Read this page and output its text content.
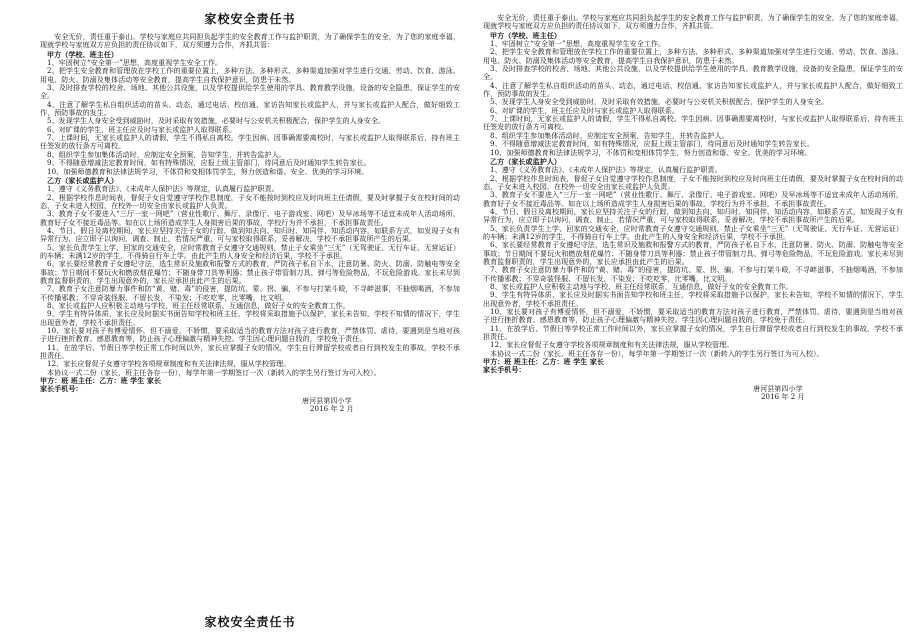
家校安全责任书

安全无价，责任重于泰山。学校与家庭应共同担负起学生的安全教育工作与监护职责，为了确保学生的安全，为了您的家庭幸福，现就学校与家庭双方应负担的责任协议如下，双方须遵力合作，齐抓共管：

甲方（学校、班主任）

1、牢固树立“安全第一”思想，高度重视学生安全工作。

2、把学生安全教育和管理放在学校工作的重要位置上，多种方法、多种形式、多种渠道加强对学生进行交通、劳动、饮食、游泳、用电、防火、防溺及集体活动等安全教育，提高学生自我保护意识，防患于未然。

3、及时排查学校的校舍、场地、其他公共设施，以及学校提供给学生使用的学具、教育教学设施，设备的安全隐患，保证学生的安全。

4、注意了解学生私自组织活动的苗头、动态，通过电话、校信通、家访告知家长或监护人，并与家长或监护人配合，做好细致工作，预防事故的发生。

5、发现学生人身安全受到威胁时，及时采取有效措施，必要时与公安机关积极配合，保护学生的人身安全。

6、对旷课的学生，班主任应及时与家长或监护人取得联系。

7、上课时间，无家长或监护人的请假，学生不得私自离校。学生因病、因事确需要离校时，与家长或监护人取得联系后，持有班主任签发的放行条方可离校。

8、组织学生参加集体活动时，应制定安全预案，告知学生，并转告监护人。

9、不得随意增减法定教育时间，如有特殊情况，应报上级主管部门，待同意后及时通知学生转告家长。

10、加强师德教育和法律法规学习，不体罚和变相体罚学生，努力创造和谐、安全、优美的学习环境。

乙方（家长或监护人）

1、遵守《义务教育法》、《未成年人保护法》等规定，认真履行监护职责。

2、根据学校作息时间表，督促子女自觉遵守学校作息制度，子女不能按时到校应及时向班主任请假，要及时掌握子女在校时间的动态，子女未进入校园，在校外一切安全由家长或监护人负责。

3、教育子女不要进入“三厅一室一网吧”（营业性歌厅、舞厅、录像厅、电子游戏室、网吧）及早冰场等不适宜未成年人活动场所，教育好子女不接近毒品等。如在以上场所造成学生人身损害后果的事故，学校行为并不承担，不承担事故责任。

4、节日、假日及离校期间，家长应坚持关注子女的行踪，做到知去向、知归时、知同伴、知活动内容，如联系方式，如发现子女有异常行为，应立即子以询问，调查、制止，若情况严重，可与家校取得联系，妥善解决，学校不承担事故所产生的后果。

5、家长负责学生上学、回家的交通安全，应时常教育子女遵守交通规则，禁止子女乘坐“三无”（无驾驶证、无行车证、无营运证）的车辆；未满12岁的学生，不得骑自行车上学。由此产生的人身安全和经济后果，学校不予承担。

6、家长要经常教育子女遵纪守法，选生常识及施救和报警方式的教育，严防孩子私自下水，注意防暑、防火、防溺、防触电等安全事故；节日期间不要玩火和燃放烟花爆竹；不随身带刀具等利器；禁止孩子带管制刀具、弹弓等危险物品，不玩危险游戏。家长未尽到教育监督职责的，学生出现意外的，家长应承担由此产生的后果。

7、教育子女注意防暴力事件和防“黄、赌、毒”的侵害，提防坑、蒙、拐、骗，不参与打架斗殴，不寻衅滋事，不抽烟喝酒，不参加不传播邪教；不穿奇装怪服、不留长发，不染发；不吃吃零，比零嘴，比文明。

8、家长或监护人应积极主动地与学校、班主任经常联系，互通信息，做好子女的安全教育工作。

9、学生有特异体质，家长应及时据实书面告知学校和班主任，学校将采取措施予以保护，家长未告知，学校不知情的情况下，学生出现意外者，学校不承担责任。

10、家长要对孩子有博爱情怀，但不溺爱，不娇惯，要采取适当的教育方法对孩子进行教育，严禁体罚、虐待，要遇到是当地对孩子进行挫折教育、感恩教育等，防止孩子心理偏激与精神失控。学生因心理问题自戕的，学校免于责任。

11、在放学后、节假日等学校正常工作时间以外，家长应掌握子女的情况，学生自行滞留学校或者自行到校发生的事故，学校不承担责任。

12、家长应督促子女遵守学校各项规章制度和有关法律法规，服从学校管理。

本协议一式二份（家长、班主任各存一份），每学年第一学期签订一次（新转入的学生另行签订为可入校）。

甲方：班 班主任：乙方：班 学生 家长

家长手机号：

唐河县第四小学

2016 年 2 月

家校安全责任书

安全无价，责任重于泰山。学校与家庭应共同担负起学生的安全教育工作与监护职责，为了确保学生的安全，为了您的家庭幸福，现就学校与家庭双方应负担的责任协议如下，双方须遵力合作，齐抓共管。

甲方（学校、班主任）

1、牢固树立“安全第一”思想，高度重视学生安全工作。

2、把学生安全教育和管理放在学校工作的重要位置上，多种方法、多种形式、多种渠道加强对学生进行交通、劳动、饮食、游泳、用电、防火、防溺及集体活动等安全教育，提高学生自我保护意识，防患于未然。

3、及时排查学校的校舍、场地、其他公共设施，以及学校提供给学生使用的学具、教育教学设施，设备的安全隐患，保证学生的安全。

4、注意了解学生私自组织活动的苗头、动态，通过电话、校信通、家访告知家长或监护人，并与家长或监护人配合，做好细致工作，预防事故的发生。

5、发现学生人身安全受到威胁时，及时采取有效措施，必要时与公安机关积极配合，保护学生的人身安全。

6、对旷课的学生，班主任应及时与家长或监护人取得联系。

7、上课时间，无家长或监护人的请假，学生不得私自离校。学生因病、因事确需要离校时，与家长或监护人取得联系后，持有班主任签发的放行条方可离校。

8、组织学生参加集体活动时，应制定安全预案，告知学生，并转告监护人。

9、不得随意增减法定教育时间，如有特殊情况，应报上级主管部门，待同意后及时通知学生转告家长。

10、加强师德教育和法律法规学习，不体罚和变相体罚学生，努力创造和谐、安全、优美的学习环境。

乙方（家长或监护人）

1、遵守《义务教育法》、《未成年人保护法》等规定，认真履行监护职责。

2、根据学校作息时间表，督促子女自觉遵守学校作息制度，子女不能按时到校应及时向班主任请假，要及时掌握子女在校时间的动态，子女未进入校园，在校外一切安全由家长或监护人负责。

3、教育子女不要进入“三厅一室一网吧”（营业性歌厅、舞厅、录像厅、电子游戏室、网吧）及早冰场等不适宜未成年人活动场所，教育好子女不接近毒品等。如在以上场所造成学生人身损害后果的事故，学校行为并不承担，不承担事故责任。

4、节日、假日及离校期间，家长应坚持关注子女的行踪，做到知去向、知归时、知同伴、知活动内容，如联系方式，如发现子女有异常行为，应立即子以询问，调查、制止，若情况严重，可与家校取得联系，妥善解决，学校不承担事故所产生的后果。

5、家长负责学生上学、回家的交通安全，应时常教育子女遵守交通规则，禁止子女乘坐“三无”（无驾驶证、无行车证、无营运证）的车辆；未满12岁的学生，不得骑自行车上学。由此产生的人身安全和经济后果，学校不予承担。

6、家长要经常教育子女遵纪守法，选生常识及施救和报警方式的教育，严防孩子私自下水，注意防暑、防火、防溺、防触电等安全事故；节日期间不要玩火和燃放烟花爆竹；不随身带刀具等利器；禁止孩子带管制刀具、弹弓等危险物品，不玩危险游戏。家长未尽到教育监督职责的，学生出现意外的，家长应承担由此产生的后果。

7、教育子女注意防暴力事件和防“黄、赌、毒”的侵害，提防坑、蒙、拐、骗，不参与打架斗殴，不寻衅滋事，不抽烟喝酒，不参加不传播邪教；不穿奇装怪服、不留长发，不染发；不吃吃零，比零嘴，比文明。

8、家长或监护人应积极主动地与学校、班主任经常联系，互通信息，做好子女的安全教育工作。

9、学生有特异体质，家长应及时据实书面告知学校和班主任，学校将采取措施予以保护，家长未告知，学校不知情的情况下，学生出现意外者，学校不承担责任。

10、家长要对孩子有博爱情怀，但不溺爱，不娇惯，要采取适当的教育方法对孩子进行教育，严禁体罚、虐待，要遇到是当地对孩子进行挫折教育、感恩教育等，防止孩子心理偏激与精神失控。学生因心理问题自戕的，学校免于责任。

11、在放学后、节假日等学校正常工作时间以外，家长应掌握子女的情况，学生自行滞留学校或者自行到校发生的事故，学校不承担责任。

12、家长应督促子女遵守学校各项规章制度和有关法律法规，服从学校管理。

本协议一式二份（家长、班主任各存一份），每学年第一学期签订一次（新转入的学生另行签订为可入校）。

甲方：班 班主任：乙方：班 学生 家长

家长手机号：

唐河县第四小学

2016 年 2 月
